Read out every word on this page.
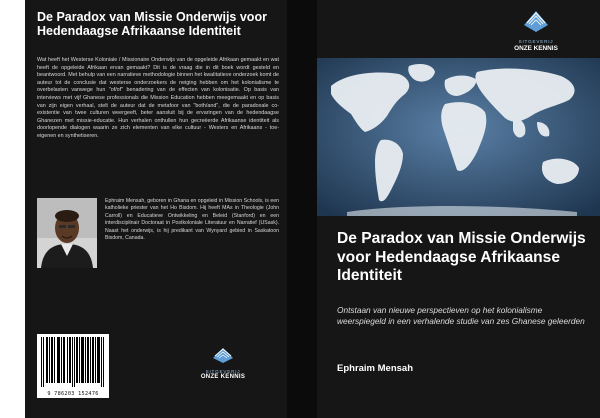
De Paradox van Missie Onderwijs voor Hedendaagse Afrikaanse Identiteit
Wat heeft het Westerse Koloniale / Missionaire Onderwijs van de opgeleide Afrikaan gemaakt en wat heeft de opgeleide Afrikaan ervan gemaakt? Dit is de vraag die in dit boek wordt gesteld en beantwoord. Met behulp van een narratieve methodologie binnen het kwalitatieve onderzoek komt de auteur tot de conclusie dat westerse onderzoekers de neiging hebben om het kolonialisme te overbelasten vanwege hun "of/of" benadering van de effecten van kolonisatie. Op basis van interviews met vijf Ghanese professionals die Mission Education hebben meegemaakt en op basis van zijn eigen verhaal, stelt de auteur dat de metafoor van "both/and", die de paradoxale co-existentie van twee culturen weergeeft, beter aansluit bij de ervaringen van de hedendaagse Ghanezen met missie-educatie. Hun verhalen onthullen hun gecreëerde Afrikaanse identiteit als doorlopende dialogen waarin ze zich elementen van elke cultuur - Westers en Afrikaans - toe-eigenen en synthetiseren.
Ephraim Mensah, geboren in Ghana en opgeleid in Mission Schools, is een katholieke priester van het Ho Bisdom. Hij heeft MAs in Theologie (John Carroll) en Educatieve Ontwikkeling en Beleid (Stanford) en een interdisciplinair Doctoraat in Postkoloniale Literatuur en Narratief (USask). Naast het onderwijs, is hij predikant van Wynyard gebied in Saskatoon Bisdom, Canada.
9 786203 152476
SITGEVERIJ
ONZE KENNIS
SITGEVERIJ
ONZE KENNIS
De Paradox van Missie Onderwijs voor Hedendaagse Afrikaanse Identiteit
Ontstaan van nieuwe perspectieven op het kolonialisme weerspiegeld in een verhalende studie van zes Ghanese geleerden
Ephraim Mensah
